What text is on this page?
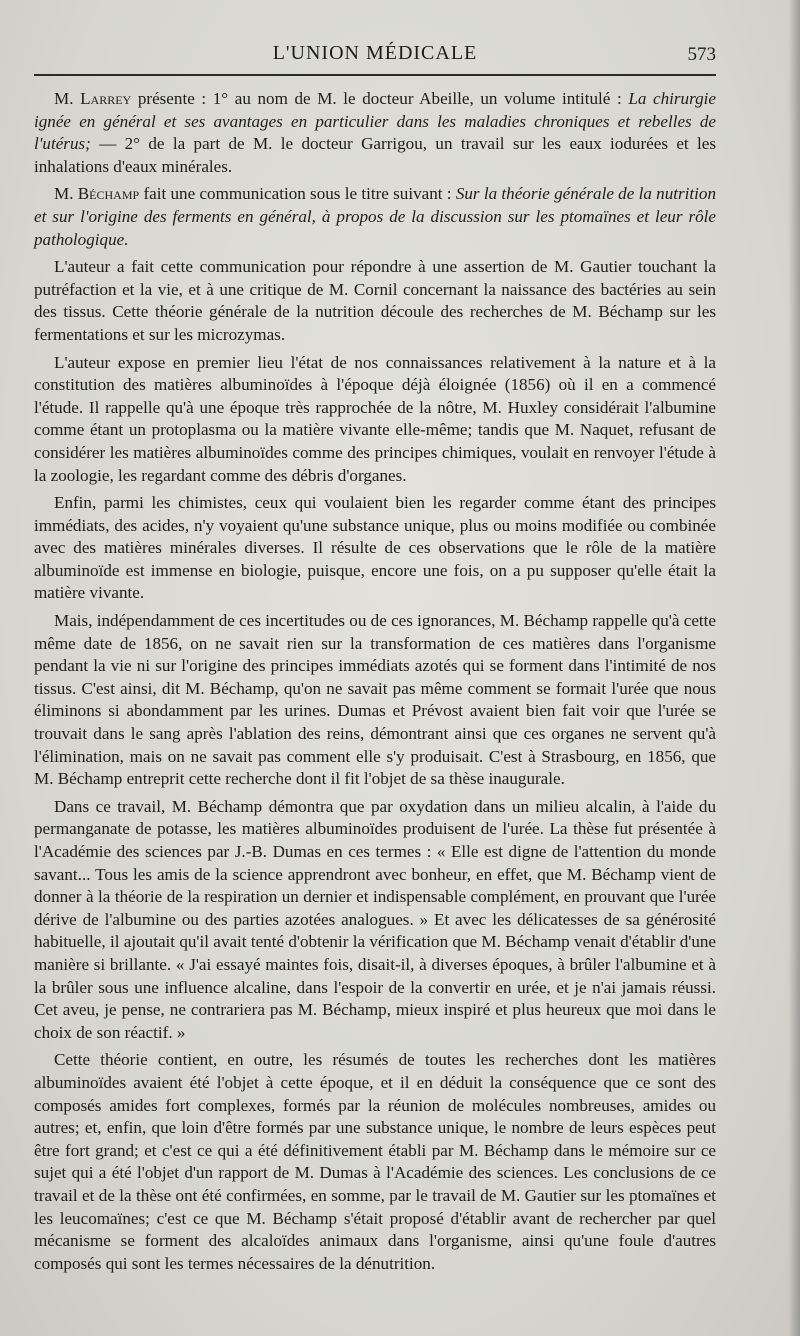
L'UNION MÉDICALE	573

M. Larrey présente : 1° au nom de M. le docteur Abeille, un volume intitulé : La chirurgie ignée en général et ses avantages en particulier dans les maladies chroniques et rebelles de l'utérus; — 2° de la part de M. le docteur Garrigou, un travail sur les eaux iodurées et les inhalations d'eaux minérales.

M. Béchamp fait une communication sous le titre suivant : Sur la théorie générale de la nutrition et sur l'origine des ferments en général, à propos de la discussion sur les ptomaïnes et leur rôle pathologique.

L'auteur a fait cette communication pour répondre à une assertion de M. Gautier touchant la putréfaction et la vie, et à une critique de M. Cornil concernant la naissance des bactéries au sein des tissus. Cette théorie générale de la nutrition découle des recherches de M. Béchamp sur les fermentations et sur les microzymas.

L'auteur expose en premier lieu l'état de nos connaissances relativement à la nature et à la constitution des matières albuminoïdes à l'époque déjà éloignée (1856) où il en a commencé l'étude. Il rappelle qu'à une époque très rapprochée de la nôtre, M. Huxley considérait l'albumine comme étant un protoplasma ou la matière vivante elle-même; tandis que M. Naquet, refusant de considérer les matières albuminoïdes comme des principes chimiques, voulait en renvoyer l'étude à la zoologie, les regardant comme des débris d'organes.

Enfin, parmi les chimistes, ceux qui voulaient bien les regarder comme étant des principes immédiats, des acides, n'y voyaient qu'une substance unique, plus ou moins modifiée ou combinée avec des matières minérales diverses. Il résulte de ces observations que le rôle de la matière albuminoïde est immense en biologie, puisque, encore une fois, on a pu supposer qu'elle était la matière vivante.

Mais, indépendamment de ces incertitudes ou de ces ignorances, M. Béchamp rappelle qu'à cette même date de 1856, on ne savait rien sur la transformation de ces matières dans l'organisme pendant la vie ni sur l'origine des principes immédiats azotés qui se forment dans l'intimité de nos tissus. C'est ainsi, dit M. Béchamp, qu'on ne savait pas même comment se formait l'urée que nous éliminons si abondamment par les urines. Dumas et Prévost avaient bien fait voir que l'urée se trouvait dans le sang après l'ablation des reins, démontrant ainsi que ces organes ne servent qu'à l'élimination, mais on ne savait pas comment elle s'y produisait. C'est à Strasbourg, en 1856, que M. Béchamp entreprit cette recherche dont il fit l'objet de sa thèse inaugurale.

Dans ce travail, M. Béchamp démontra que par oxydation dans un milieu alcalin, à l'aide du permanganate de potasse, les matières albuminoïdes produisent de l'urée. La thèse fut présentée à l'Académie des sciences par J.-B. Dumas en ces termes : « Elle est digne de l'attention du monde savant... Tous les amis de la science apprendront avec bonheur, en effet, que M. Béchamp vient de donner à la théorie de la respiration un dernier et indispensable complément, en prouvant que l'urée dérive de l'albumine ou des parties azotées analogues. » Et avec les délicatesses de sa générosité habituelle, il ajoutait qu'il avait tenté d'obtenir la vérification que M. Béchamp venait d'établir d'une manière si brillante. « J'ai essayé maintes fois, disait-il, à diverses époques, à brûler l'albumine et à la brûler sous une influence alcaline, dans l'espoir de la convertir en urée, et je n'ai jamais réussi. Cet aveu, je pense, ne contrariera pas M. Béchamp, mieux inspiré et plus heureux que moi dans le choix de son réactif. »

Cette théorie contient, en outre, les résumés de toutes les recherches dont les matières albuminoïdes avaient été l'objet à cette époque, et il en déduit la conséquence que ce sont des composés amides fort complexes, formés par la réunion de molécules nombreuses, amides ou autres; et, enfin, que loin d'être formés par une substance unique, le nombre de leurs espèces peut être fort grand; et c'est ce qui a été définitivement établi par M. Béchamp dans le mémoire sur ce sujet qui a été l'objet d'un rapport de M. Dumas à l'Académie des sciences. Les conclusions de ce travail et de la thèse ont été confirmées, en somme, par le travail de M. Gautier sur les ptomaïnes et les leucomaïnes; c'est ce que M. Béchamp s'était proposé d'établir avant de rechercher par quel mécanisme se forment des alcaloïdes animaux dans l'organisme, ainsi qu'une foule d'autres composés qui sont les termes nécessaires de la dénutrition.
